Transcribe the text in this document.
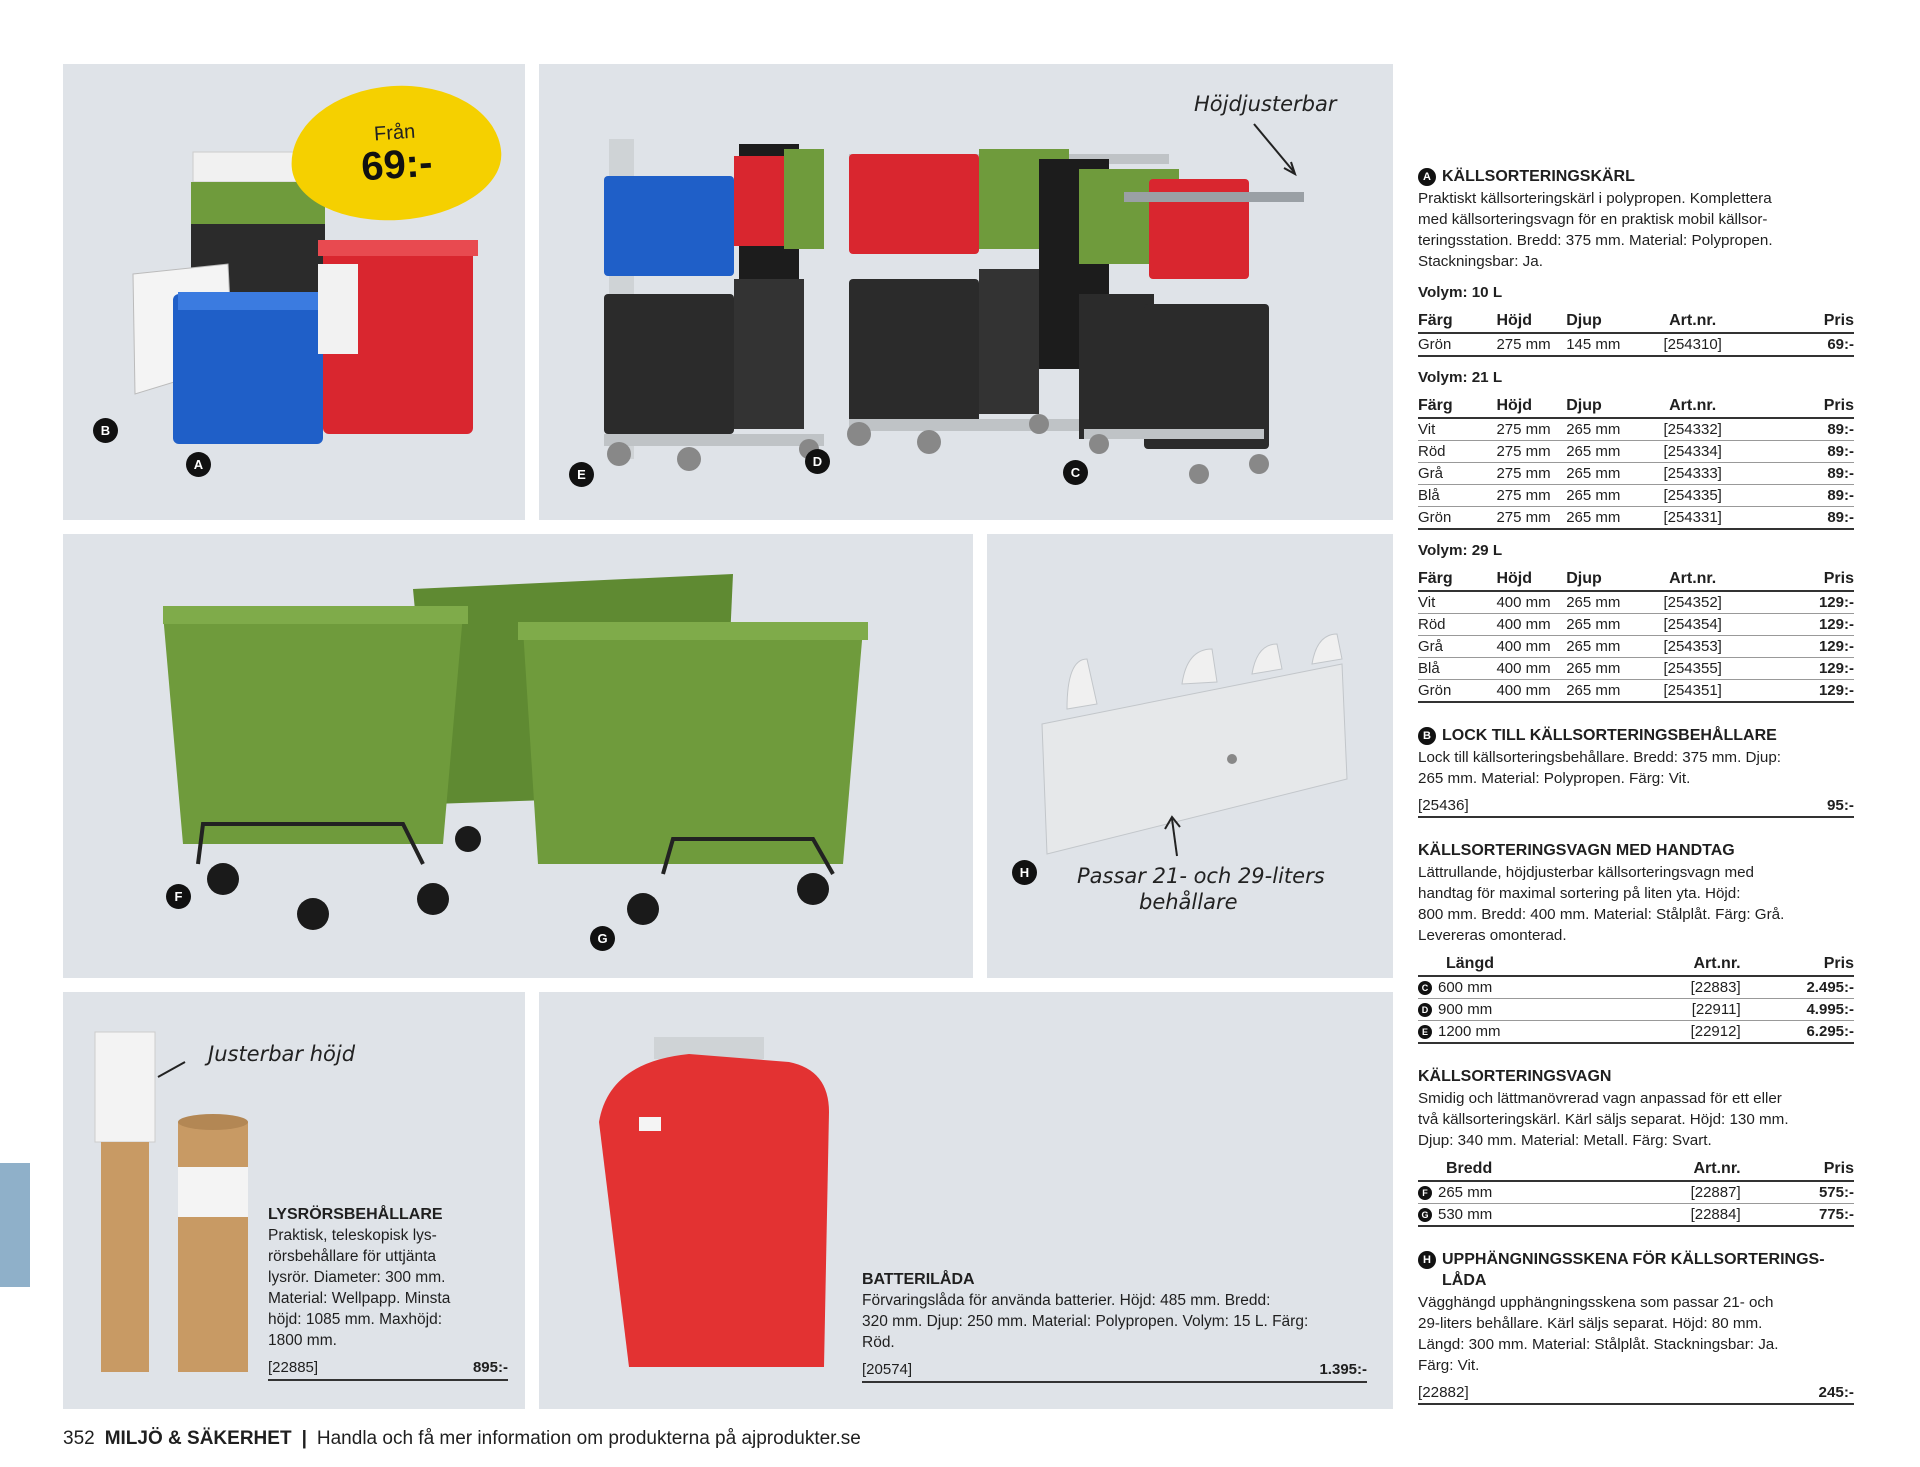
Från
69:-
B
A
Höjdjusterbar
E
D
C
F
G
H	Passar 21- och 29-liters
behållare
Justerbar höjd
LYSRÖRSBEHÅLLARE
Praktisk, teleskopisk lys-
rörsbehållare för uttjänta
lysrör. Diameter: 300 mm.
Material: Wellpapp. Minsta
höjd: 1085 mm. Maxhöjd:
1800 mm.
[22885]	895:-
BATTERILÅDA
Förvaringslåda för använda batterier. Höjd: 485 mm. Bredd:
320 mm. Djup: 250 mm. Material: Polypropen. Volym: 15 L. Färg:
Röd.
[20574]	1.395:-
A KÄLLSORTERINGSKÄRL
Praktiskt källsorteringskärl i polypropen. Komplettera
med källsorteringsvagn för en praktisk mobil källsor-
teringsstation. Bredd: 375 mm. Material: Polypropen.
Stackningsbar: Ja.
Volym: 10 L
Färg	Höjd	Djup	Art.nr.	Pris
Grön	275 mm	145 mm	[254310]	69:-
Volym: 21 L
Färg	Höjd	Djup	Art.nr.	Pris
Vit	275 mm	265 mm	[254332]	89:-
Röd	275 mm	265 mm	[254334]	89:-
Grå	275 mm	265 mm	[254333]	89:-
Blå	275 mm	265 mm	[254335]	89:-
Grön	275 mm	265 mm	[254331]	89:-
Volym: 29 L
Färg	Höjd	Djup	Art.nr.	Pris
Vit	400 mm	265 mm	[254352]	129:-
Röd	400 mm	265 mm	[254354]	129:-
Grå	400 mm	265 mm	[254353]	129:-
Blå	400 mm	265 mm	[254355]	129:-
Grön	400 mm	265 mm	[254351]	129:-
B LOCK TILL KÄLLSORTERINGSBEHÅLLARE
Lock till källsorteringsbehållare. Bredd: 375 mm. Djup:
265 mm. Material: Polypropen. Färg: Vit.
[25436]	95:-
KÄLLSORTERINGSVAGN MED HANDTAG
Lättrullande, höjdjusterbar källsorteringsvagn med
handtag för maximal sortering på liten yta. Höjd:
800 mm. Bredd: 400 mm. Material: Stålplåt. Färg: Grå.
Levereras omonterad.
Längd	Art.nr.	Pris
C 600 mm	[22883]	2.495:-
D 900 mm	[22911]	4.995:-
E 1200 mm	[22912]	6.295:-
KÄLLSORTERINGSVAGN
Smidig och lättmanövrerad vagn anpassad för ett eller
två källsorteringskärl. Kärl säljs separat. Höjd: 130 mm.
Djup: 340 mm. Material: Metall. Färg: Svart.
Bredd	Art.nr.	Pris
F 265 mm	[22887]	575:-
G 530 mm	[22884]	775:-
H UPPHÄNGNINGSSKENA FÖR KÄLLSORTERINGS-
LÅDA
Vägghängd upphängningsskena som passar 21- och
29-liters behållare. Kärl säljs separat. Höjd: 80 mm.
Längd: 300 mm. Material: Stålplåt. Stackningsbar: Ja.
Färg: Vit.
[22882]	245:-
352 MILJÖ & SÄKERHET | Handla och få mer information om produkterna på ajprodukter.se
